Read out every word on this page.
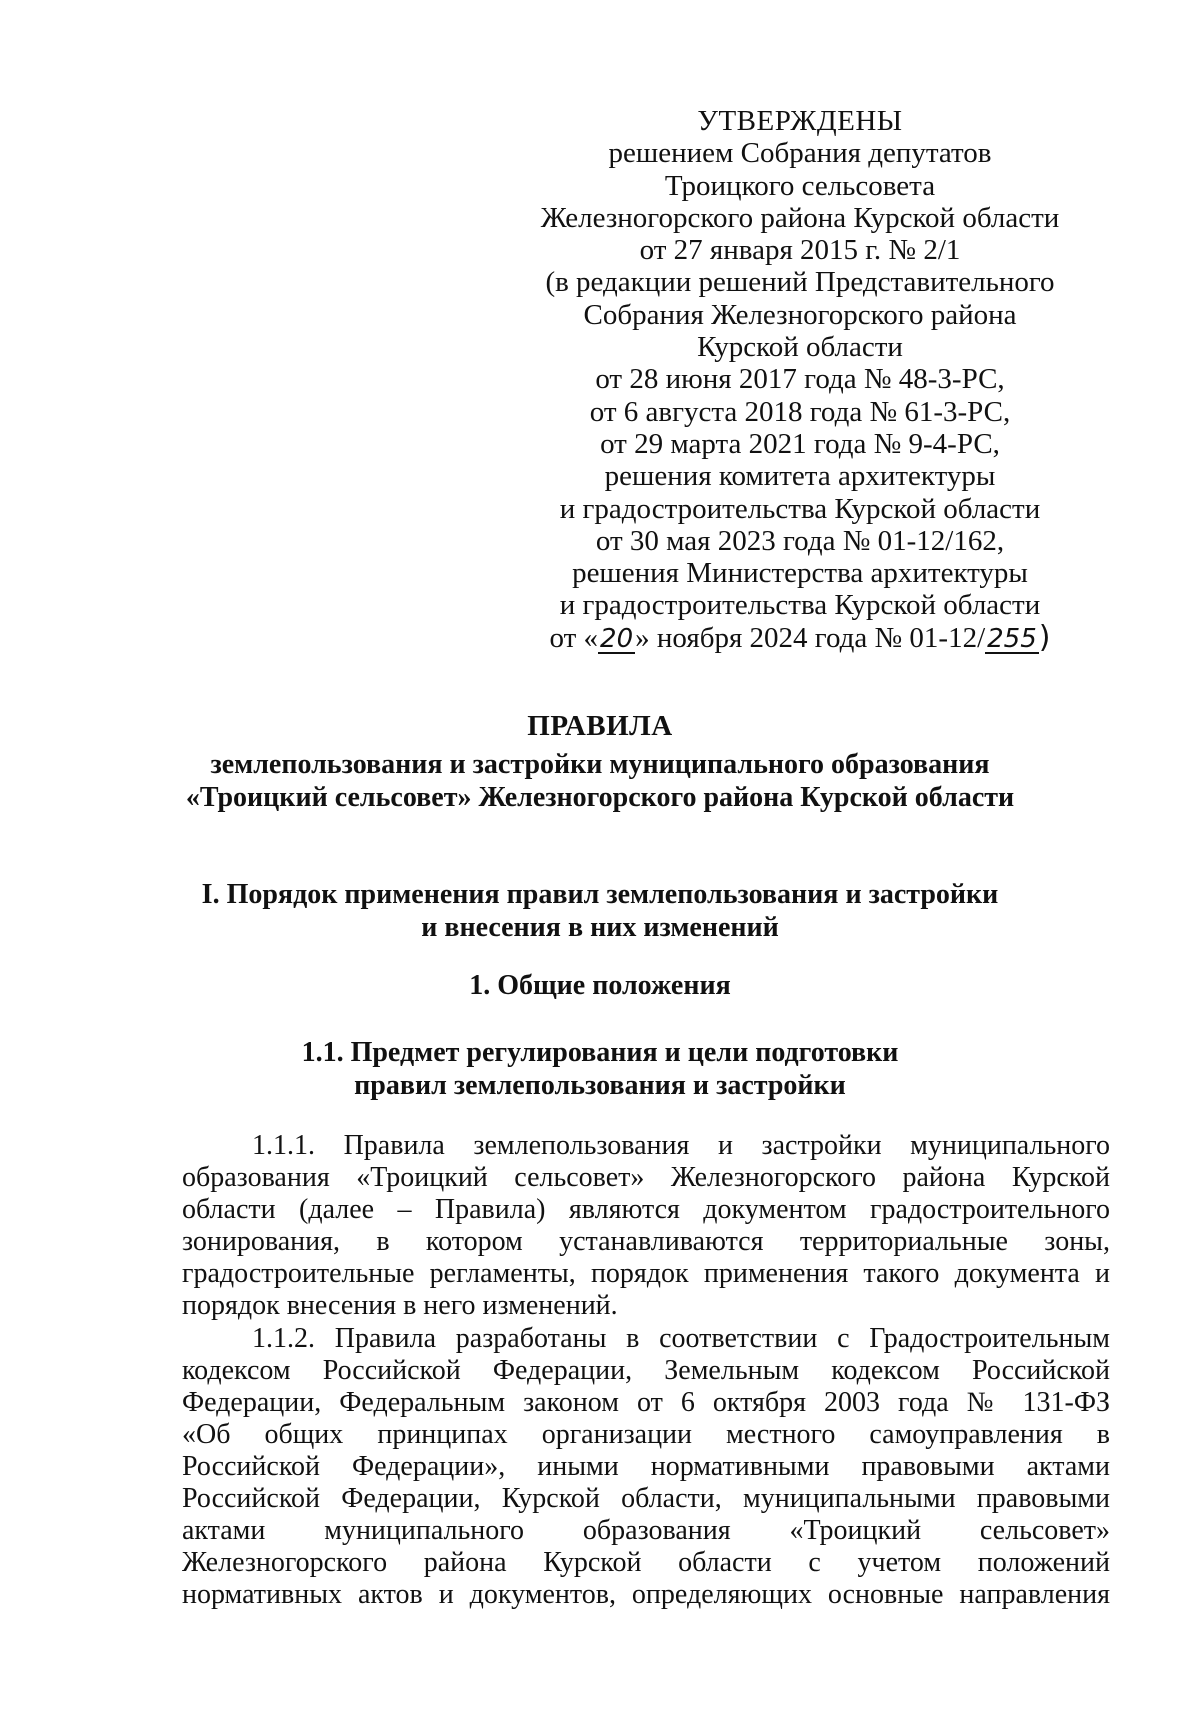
УТВЕРЖДЕНЫ
решением Собрания депутатов
Троицкого сельсовета
Железногорского района Курской области
от 27 января 2015 г. № 2/1
(в редакции решений Представительного
Собрания Железногорского района
Курской области
от 28 июня 2017 года № 48-3-РС,
от 6 августа 2018 года № 61-3-РС,
от 29 марта 2021 года № 9-4-РС,
решения комитета архитектуры
и градостроительства Курской области
от 30 мая 2023 года № 01-12/162,
решения Министерства архитектуры
и градостроительства Курской области
от «20» ноября 2024 года № 01-12/255)
ПРАВИЛА
землепользования и застройки муниципального образования
«Троицкий сельсовет» Железногорского района Курской области
I. Порядок применения правил землепользования и застройки
и внесения в них изменений
1. Общие положения
1.1. Предмет регулирования и цели подготовки
правил землепользования и застройки
1.1.1. Правила землепользования и застройки муниципального
образования «Троицкий сельсовет» Железногорского района Курской
области (далее – Правила) являются документом градостроительного
зонирования, в котором устанавливаются территориальные зоны,
градостроительные регламенты, порядок применения такого документа и
порядок внесения в него изменений.
1.1.2. Правила разработаны в соответствии с Градостроительным
кодексом Российской Федерации, Земельным кодексом Российской
Федерации, Федеральным законом от 6 октября 2003 года № 131-ФЗ
«Об общих принципах организации местного самоуправления в
Российской Федерации», иными нормативными правовыми актами
Российской Федерации, Курской области, муниципальными правовыми
актами муниципального образования «Троицкий сельсовет»
Железногорского района Курской области с учетом положений
нормативных актов и документов, определяющих основные направления
